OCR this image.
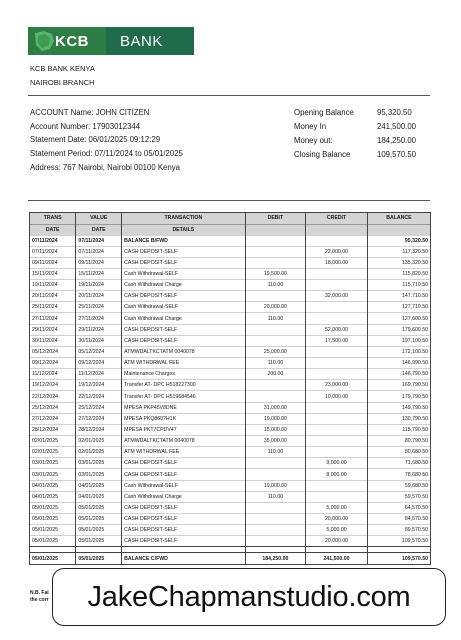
KCB	BANK
KCB BANK KENYA
NAIROBI BRANCH
ACCOUNT Name: JOHN CITIZEN
Account Number: 17903012344
Statement Date: 06/01/2025 09:12:29
Statement Period: 07/11/2024 to 05/01/2025
Address: 767 Nairobi, Nairobi 00100 Kenya
Opening Balance	95,320.50
Money In	241,500.00
Money out:	184,250.00
Closing Balance	109,570.50
TRANS	VALUE	TRANSACTION	DEBIT	CREDIT	BALANCE
DATE	DATE	DETAILS			
07/11/2024	07/11/2024	BALANCE B/FWD			95,320.50
07/11/2024	07/11/2024	CASH DEPOSIT-SELF		22,000.00	117,320.50
09/11/2024	09/11/2024	CASH DEPOSIT-SELF		18,000.00	135,320.50
15/11/2024	15/11/2024	Cash Withdrawal-SELF	19,500.00		115,820.50
19/11/2024	19/11/2024	Cash Withdrawal Charge	110.00		115,710.50
20/11/2024	20/11/2024	CASH DEPOSIT-SELF		32,000.00	147,710.50
25/11/2024	25/11/2024	Cash Withdrawal-SELF	20,000.00		127,710.50
27/11/2024	27/11/2024	Cash Withdrawal Charge	110.00		127,600.50
29/11/2024	29/11/2024	CASH DEPOSIT-SELF		52,000.00	179,600.50
30/11/2024	30/11/2024	CASH DEPOSIT-SELF		17,500.00	197,100.50
05/12/2024	05/12/2024	ATMWDALTKCTATM 0040078	25,000.00		172,100.50
09/12/2024	09/12/2024	ATM WITHDRWAL FEE	110.00		146,990.50
11/12/2024	11/12/2024	Maintenance Charges	200.00		146,790.50
19/12/2024	19/12/2024	Transfer AT- DPC H518227300		23,000.00	169,790.50
22/12/2024	22/12/2024	Transfer AT- DPC H519684546		10,000.00	179,790.50
25/12/2024	25/12/2024	MPESA PKP45V8DNE	31,000.00		149,790.50
27/12/2024	27/12/2024	MPESA PKQ860?H1K	19,000.00		130,790.50
28/12/2024	28/12/2024	MPESA PKT7CPDV47	15,000.00		115,790.50
02/01/2025	02/01/2025	ATMWDALTKCTATM 0040078	35,000.00		80,790.50
02/01/2025	02/01/2025	ATM WITHDRWAL FEE	110.00		80,680.50
03/01/2025	03/01/2025	CASH DEPOSIT-SELF		9,000.00	71,680.50
03/01/2025	03/01/2025	CASH DEPOSIT-SELF		8,000.00	78,680.50
04/01/2025	04/01/2025	Cash Withdrawal-SELF	19,000.00		59,680.50
04/01/2025	04/01/2025	Cash Withdrawal Charge	110.00		59,570.50
05/01/2025	05/01/2025	CASH DEPOSIT-SELF		5,000.00	64,570.50
05/01/2025	05/01/2025	CASH DEPOSIT-SELF		20,000.00	84,570.50
05/01/2025	05/01/2025	CASH DEPOSIT-SELF		5,000.00	89,570.50
05/01/2025	05/01/2025	CASH DEPOSIT-SELF		20,000.00	109,570.50

05/01/2025	05/01/2025	BALANCE C/FWD	184,250.00	241,500.00	109,570.50
N.B. Fai
the corr	JakeChapmanstudio.com
